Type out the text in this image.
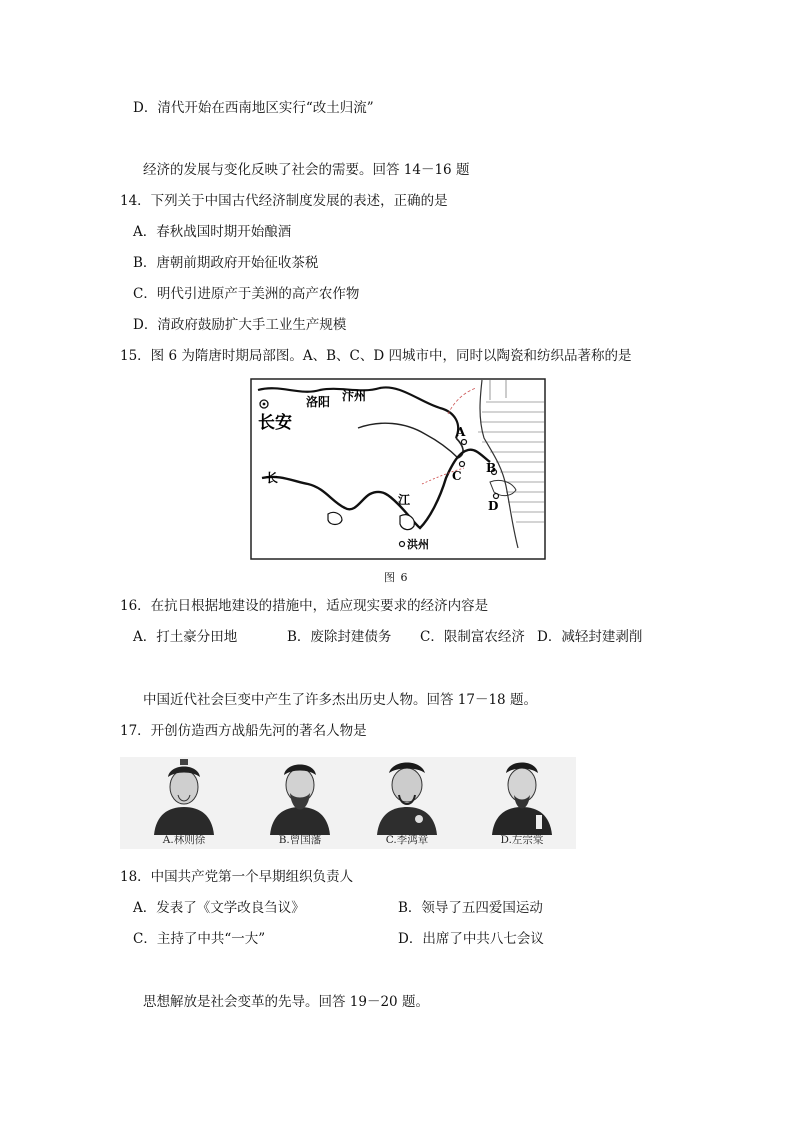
D．清代开始在西南地区实行“改土归流”
经济的发展与变化反映了社会的需要。回答 14－16 题
14．下列关于中国古代经济制度发展的表述，正确的是
A．春秋战国时期开始酿酒
B．唐朝前期政府开始征收茶税
C．明代引进原产于美洲的高产农作物
D．清政府鼓励扩大手工业生产规模
15．图 6 为隋唐时期局部图。A、B、C、D 四城市中，同时以陶瓷和纺织品著称的是
长安
洛阳 汴州
长
江
洪州
A
B
C
D
图 6
16．在抗日根据地建设的措施中，适应现实要求的经济内容是
A．打土豪分田地	B．废除封建债务 C．限制富农经济 D．减轻封建剥削
中国近代社会巨变中产生了许多杰出历史人物。回答 17－18 题。
17．开创仿造西方战船先河的著名人物是
A.林则徐	B.曾国藩	C.李鸿章	D.左宗棠
18．中国共产党第一个早期组织负责人
A．发表了《文学改良刍议》	B．领导了五四爱国运动
C．主持了中共“一大”	D．出席了中共八七会议
思想解放是社会变革的先导。回答 19－20 题。
